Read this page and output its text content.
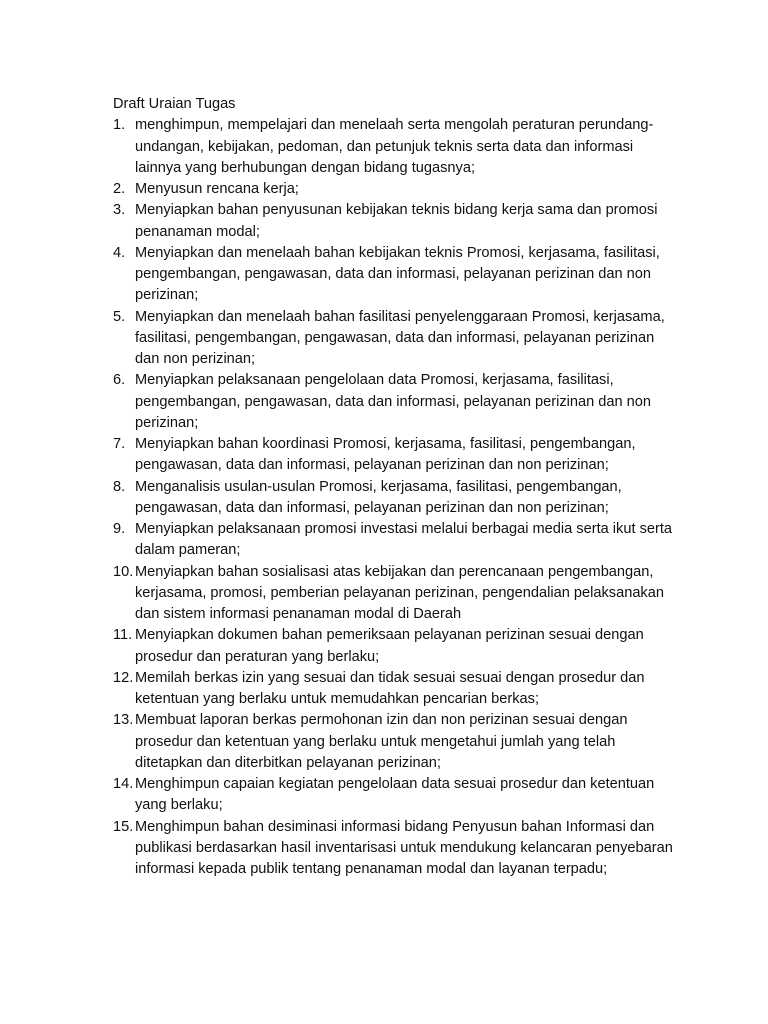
Draft Uraian Tugas
1. menghimpun, mempelajari dan menelaah serta mengolah peraturan perundang-undangan, kebijakan, pedoman, dan petunjuk teknis serta data dan informasi lainnya yang berhubungan dengan bidang tugasnya;
2. Menyusun rencana kerja;
3. Menyiapkan bahan penyusunan kebijakan teknis bidang kerja sama dan promosi penanaman modal;
4. Menyiapkan dan menelaah bahan kebijakan teknis Promosi, kerjasama, fasilitasi, pengembangan, pengawasan, data dan informasi, pelayanan perizinan dan non perizinan;
5. Menyiapkan dan menelaah bahan fasilitasi penyelenggaraan Promosi, kerjasama, fasilitasi, pengembangan, pengawasan, data dan informasi, pelayanan perizinan dan non perizinan;
6. Menyiapkan pelaksanaan pengelolaan data Promosi, kerjasama, fasilitasi, pengembangan, pengawasan, data dan informasi, pelayanan perizinan dan non perizinan;
7. Menyiapkan bahan koordinasi Promosi, kerjasama, fasilitasi, pengembangan, pengawasan, data dan informasi, pelayanan perizinan dan non perizinan;
8. Menganalisis usulan-usulan Promosi, kerjasama, fasilitasi, pengembangan, pengawasan, data dan informasi, pelayanan perizinan dan non perizinan;
9. Menyiapkan pelaksanaan promosi investasi melalui berbagai media serta ikut serta dalam pameran;
10. Menyiapkan bahan sosialisasi atas kebijakan dan perencanaan pengembangan, kerjasama, promosi, pemberian pelayanan perizinan, pengendalian pelaksanakan dan sistem informasi penanaman modal di Daerah
11. Menyiapkan dokumen bahan pemeriksaan pelayanan perizinan sesuai dengan prosedur dan peraturan yang berlaku;
12. Memilah berkas izin yang sesuai dan tidak sesuai sesuai dengan prosedur dan ketentuan yang berlaku untuk memudahkan pencarian berkas;
13. Membuat laporan berkas permohonan izin dan non perizinan sesuai dengan prosedur dan ketentuan yang berlaku untuk mengetahui jumlah yang telah ditetapkan dan diterbitkan pelayanan perizinan;
14. Menghimpun capaian kegiatan pengelolaan data sesuai prosedur dan ketentuan yang berlaku;
15. Menghimpun bahan desiminasi informasi bidang Penyusun bahan Informasi dan publikasi berdasarkan hasil inventarisasi untuk mendukung kelancaran penyebaran informasi kepada publik tentang penanaman modal dan layanan terpadu;
